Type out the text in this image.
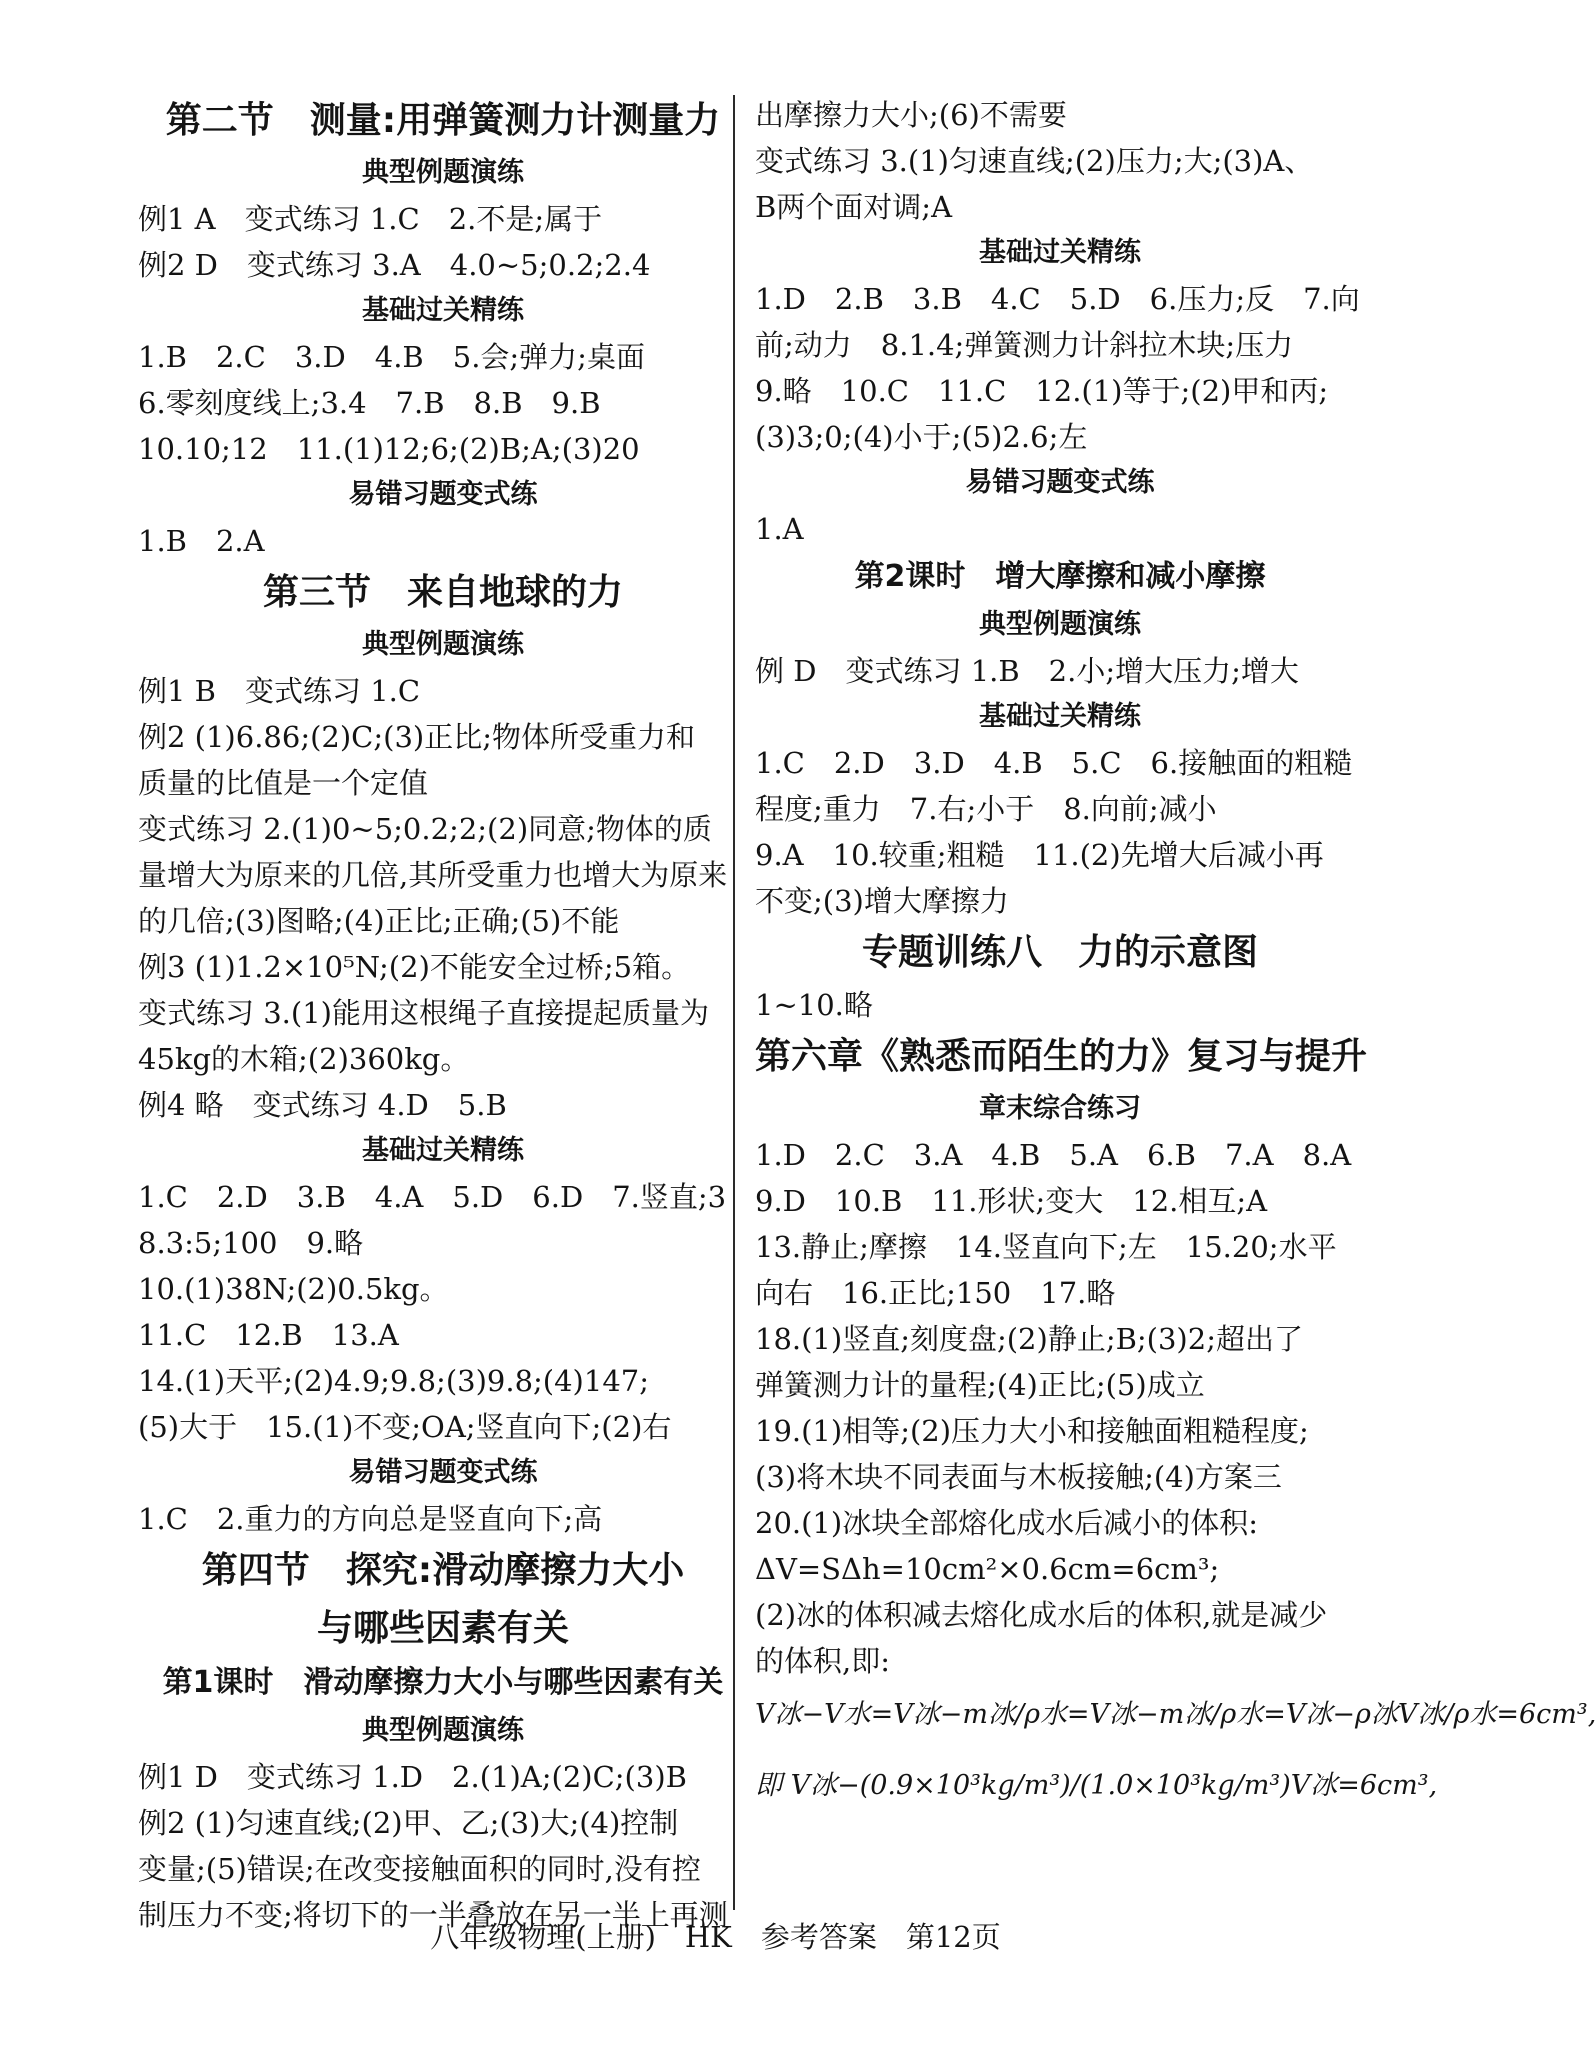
第二节　测量:用弹簧测力计测量力
典型例题演练
例1 A　变式练习 1.C　2.不是;属于
例2 D　变式练习 3.A　4.0~5;0.2;2.4
基础过关精练
1.B　2.C　3.D　4.B　5.会;弹力;桌面
6.零刻度线上;3.4　7.B　8.B　9.B
10.10;12　11.(1)12;6;(2)B;A;(3)20
易错习题变式练
1.B　2.A
第三节　来自地球的力
典型例题演练
例1 B　变式练习 1.C
例2 (1)6.86;(2)C;(3)正比;物体所受重力和
质量的比值是一个定值
变式练习 2.(1)0~5;0.2;2;(2)同意;物体的质
量增大为原来的几倍,其所受重力也增大为原来
的几倍;(3)图略;(4)正比;正确;(5)不能
例3 (1)1.2×10⁵N;(2)不能安全过桥;5箱。
变式练习 3.(1)能用这根绳子直接提起质量为
45kg的木箱;(2)360kg。
例4 略　变式练习 4.D　5.B
基础过关精练
1.C　2.D　3.B　4.A　5.D　6.D　7.竖直;3
8.3:5;100　9.略
10.(1)38N;(2)0.5kg。
11.C　12.B　13.A
14.(1)天平;(2)4.9;9.8;(3)9.8;(4)147;
(5)大于　15.(1)不变;OA;竖直向下;(2)右
易错习题变式练
1.C　2.重力的方向总是竖直向下;高
第四节　探究:滑动摩擦力大小
与哪些因素有关
第1课时　滑动摩擦力大小与哪些因素有关
典型例题演练
例1 D　变式练习 1.D　2.(1)A;(2)C;(3)B
例2 (1)匀速直线;(2)甲、乙;(3)大;(4)控制
变量;(5)错误;在改变接触面积的同时,没有控
制压力不变;将切下的一半叠放在另一半上再测
出摩擦力大小;(6)不需要
变式练习 3.(1)匀速直线;(2)压力;大;(3)A、
B两个面对调;A
基础过关精练
1.D　2.B　3.B　4.C　5.D　6.压力;反　7.向
前;动力　8.1.4;弹簧测力计斜拉木块;压力
9.略　10.C　11.C　12.(1)等于;(2)甲和丙;
(3)3;0;(4)小于;(5)2.6;左
易错习题变式练
1.A
第2课时　增大摩擦和减小摩擦
典型例题演练
例 D　变式练习 1.B　2.小;增大压力;增大
基础过关精练
1.C　2.D　3.D　4.B　5.C　6.接触面的粗糙
程度;重力　7.右;小于　8.向前;减小
9.A　10.较重;粗糙　11.(2)先增大后减小再
不变;(3)增大摩擦力
专题训练八　力的示意图
1~10.略
第六章《熟悉而陌生的力》复习与提升
章末综合练习
1.D　2.C　3.A　4.B　5.A　6.B　7.A　8.A
9.D　10.B　11.形状;变大　12.相互;A
13.静止;摩擦　14.竖直向下;左　15.20;水平
向右　16.正比;150　17.略
18.(1)竖直;刻度盘;(2)静止;B;(3)2;超出了
弹簧测力计的量程;(4)正比;(5)成立
19.(1)相等;(2)压力大小和接触面粗糙程度;
(3)将木块不同表面与木板接触;(4)方案三
20.(1)冰块全部熔化成水后减小的体积:
ΔV=SΔh=10cm²×0.6cm=6cm³;
(2)冰的体积减去熔化成水后的体积,就是减少
的体积,即:
V冰−V水=V冰−m冰/ρ水=V冰−m冰/ρ水=V冰−ρ冰V冰/ρ水=6cm³,
即 V冰−(0.9×10³kg/m³)/(1.0×10³kg/m³)V冰=6cm³,
八年级物理(上册)　HK　参考答案　第12页
